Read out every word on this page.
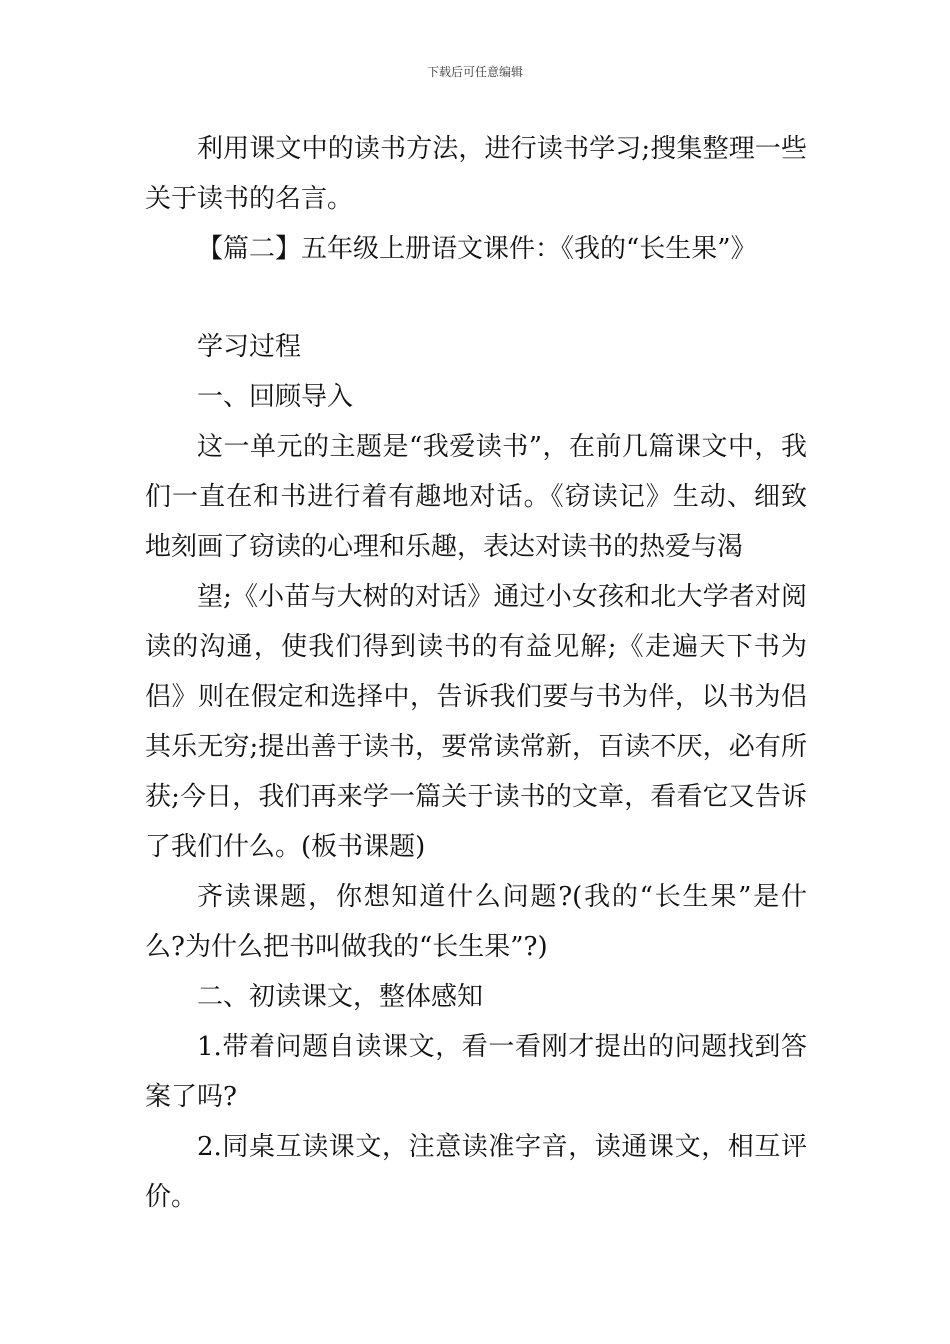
下载后可任意编辑

利用课文中的读书方法，进行读书学习;搜集整理一些关于读书的名言。

【篇二】五年级上册语文课件：《我的“长生果”》

学习过程

一、回顾导入

这一单元的主题是“我爱读书”，在前几篇课文中，我们一直在和书进行着有趣地对话。《窃读记》生动、细致地刻画了窃读的心理和乐趣，表达对读书的热爱与渴

望;《小苗与大树的对话》通过小女孩和北大学者对阅读的沟通，使我们得到读书的有益见解;《走遍天下书为侣》则在假定和选择中，告诉我们要与书为伴，以书为侣其乐无穷;提出善于读书，要常读常新，百读不厌，必有所获;今日，我们再来学一篇关于读书的文章，看看它又告诉了我们什么。(板书课题)

齐读课题，你想知道什么问题?(我的“长生果”是什么?为什么把书叫做我的“长生果”?)

二、初读课文，整体感知

1.带着问题自读课文，看一看刚才提出的问题找到答案了吗?

2.同桌互读课文，注意读准字音，读通课文，相互评价。
